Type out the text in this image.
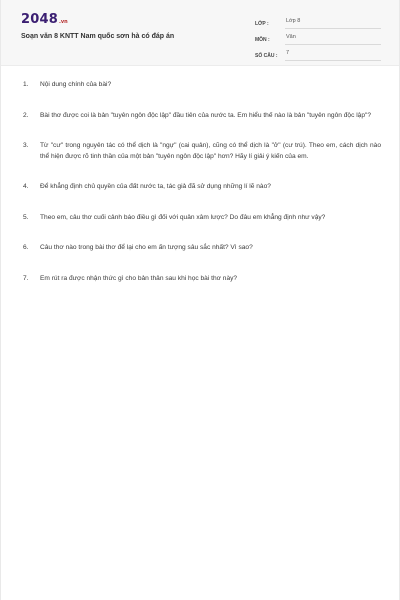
2048 .vn
Soạn văn 8 KNTT Nam quốc sơn hà có đáp án
LỚP :	Lớp 8
MÔN :	Văn
SỐ CÂU :	7
1.	Nội dung chính của bài?
2.	Bài thơ được coi là bản "tuyên ngôn độc lập" đầu tiên của nước ta. Em hiểu thế nào là bản "tuyên ngôn độc lập"?
3.	Từ "cư" trong nguyên tác có thể dịch là "ngự" (cai quản), cũng có thể dịch là "ở" (cư trú). Theo em, cách dịch nào thể hiện được rõ tinh thần của một bản "tuyên ngôn độc lập" hơn? Hãy lí giải ý kiến của em.
4.	Để khẳng định chủ quyền của đất nước ta, tác giả đã sử dụng những lí lẽ nào?
5.	Theo em, câu thơ cuối cảnh báo điều gì đối với quân xâm lược? Do đâu em khẳng định như vậy?
6.	Câu thơ nào trong bài thơ để lại cho em ấn tượng sâu sắc nhất? Vì sao?
7.	Em rút ra được nhận thức gì cho bản thân sau khi học bài thơ này?
